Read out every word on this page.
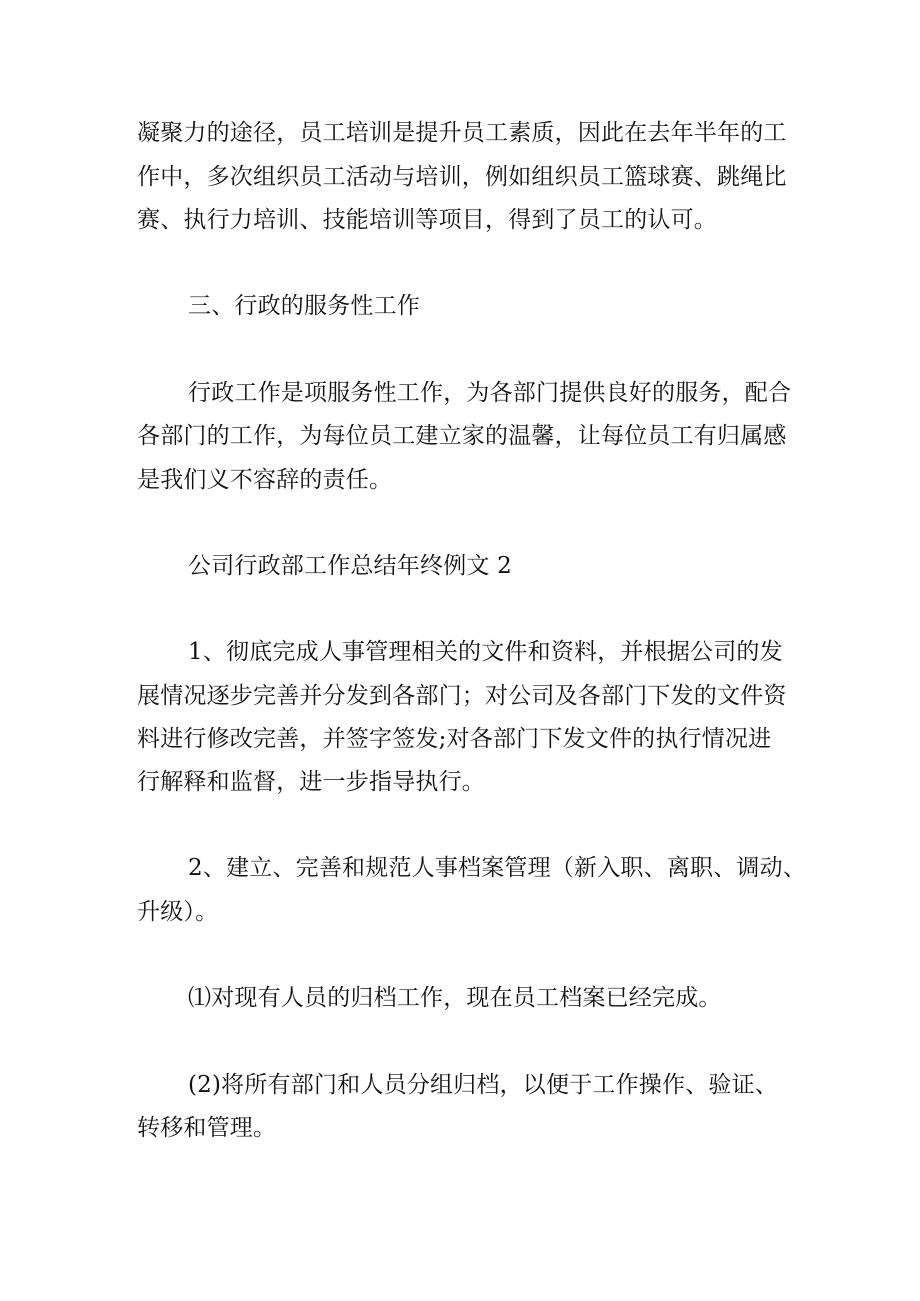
凝聚力的途径，员工培训是提升员工素质，因此在去年半年的工
作中，多次组织员工活动与培训，例如组织员工篮球赛、跳绳比
赛、执行力培训、技能培训等项目，得到了员工的认可。
三、行政的服务性工作
行政工作是项服务性工作，为各部门提供良好的服务，配合
各部门的工作，为每位员工建立家的温馨，让每位员工有归属感
是我们义不容辞的责任。
公司行政部工作总结年终例文 2
1、彻底完成人事管理相关的文件和资料，并根据公司的发
展情况逐步完善并分发到各部门；对公司及各部门下发的文件资
料进行修改完善，并签字签发;对各部门下发文件的执行情况进
行解释和监督，进一步指导执行。
2、建立、完善和规范人事档案管理（新入职、离职、调动、
升级）。
⑴对现有人员的归档工作，现在员工档案已经完成。
(2)将所有部门和人员分组归档，以便于工作操作、验证、
转移和管理。
